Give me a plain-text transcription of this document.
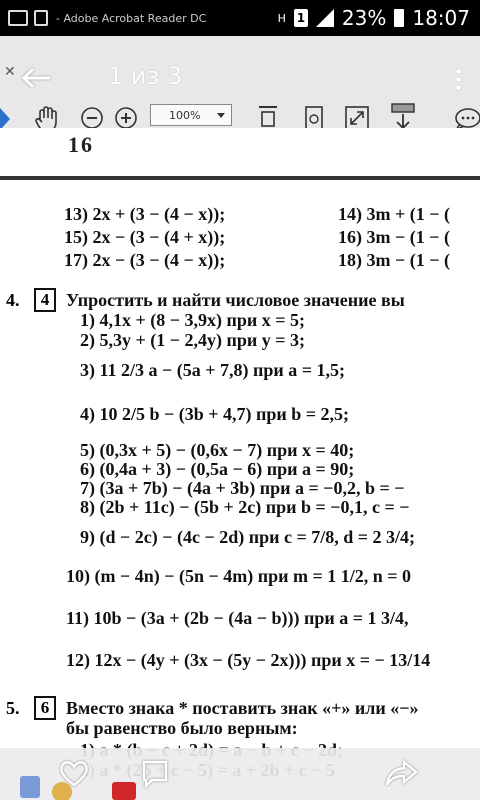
- Adobe Acrobat Reader DC	H 1 23% 18:07
✕	1 из 3
100%
16
13) 2x + (3 − (4 − x));	14) 3m + (1 − (
15) 2x − (3 − (4 + x));	16) 3m − (1 − (
17) 2x − (3 − (4 − x));	18) 3m − (1 − (
4.	4 Упростить и найти числовое значение вы
1) 4,1x + (8 − 3,9x) при x = 5;
2) 5,3y + (1 − 2,4y) при y = 3;
3) 11 2/3 a − (5a + 7,8) при a = 1,5;
4) 10 2/5 b − (3b + 4,7) при b = 2,5;
5) (0,3x + 5) − (0,6x − 7) при x = 40;
6) (0,4a + 3) − (0,5a − 6) при a = 90;
7) (3a + 7b) − (4a + 3b) при a = −0,2, b = −
8) (2b + 11c) − (5b + 2c) при b = −0,1, c = −
9) (d − 2c) − (4c − 2d) при c = 7/8, d = 2 3/4;
10) (m − 4n) − (5n − 4m) при m = 1 1/2, n = 0
11) 10b − (3a + (2b − (4a − b))) при a = 1 3/4,
12) 12x − (4y + (3x − (5y − 2x))) при x = − 13/14
5.	6 Вместо знака * поставить знак «+» или «−»
бы равенство было верным:
